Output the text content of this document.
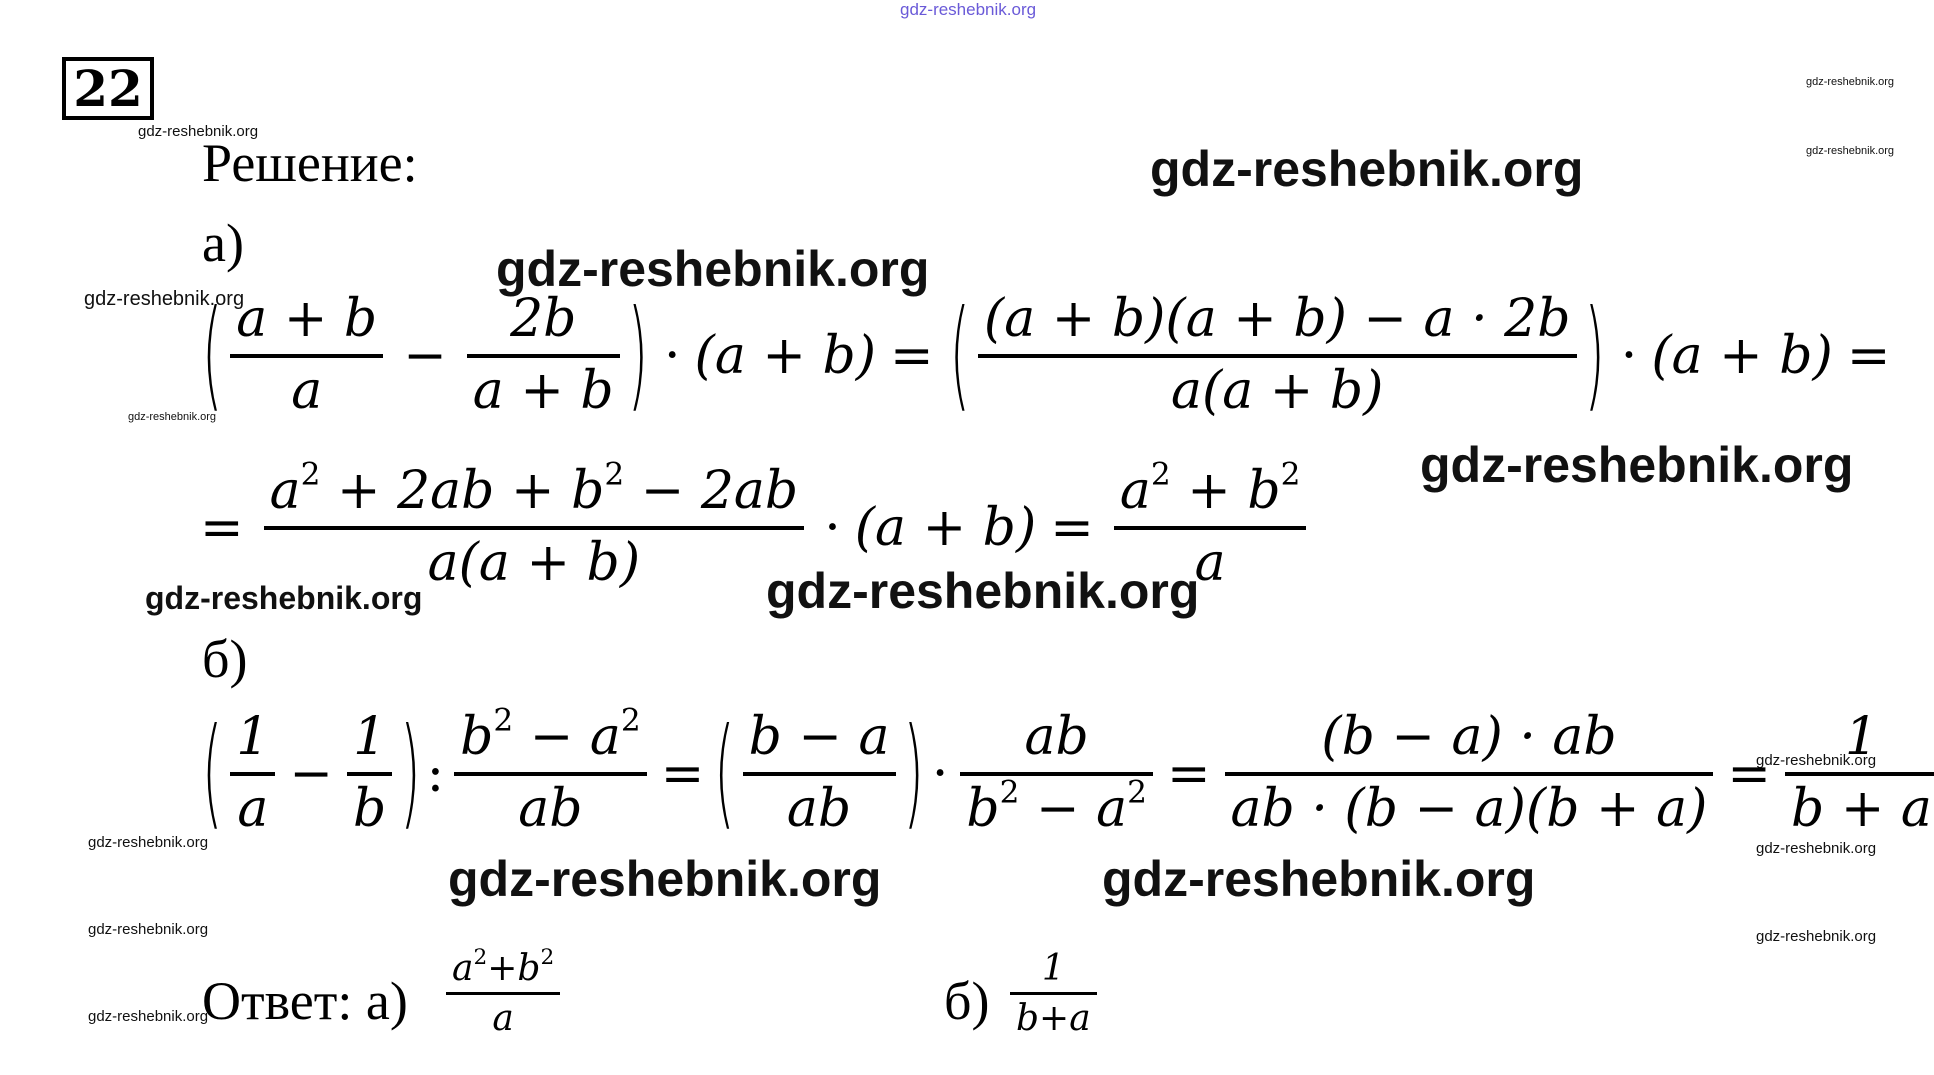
gdz-reshebnik.org
gdz-reshebnik.org
gdz-reshebnik.org
gdz-reshebnik.org
gdz-reshebnik.org
gdz-reshebnik.org
gdz-reshebnik.org
gdz-reshebnik.org
gdz-reshebnik.org
gdz-reshebnik.org	gdz-reshebnik.org
gdz-reshebnik.org
gdz-reshebnik.org	gdz-reshebnik.org
gdz-reshebnik.org	gdz-reshebnik.org
gdz-reshebnik.org	gdz-reshebnik.org
gdz-reshebnik.org
22
Решение:
а)
( $\frac{a + b}{a} - \frac{2b}{a + b}$ ) · (a + b) = ( $\frac{(a + b)(a + b) - a \cdot 2b}{a(a + b)}$ ) · (a + b) =
= $\frac{a^2 + 2ab + b^2 - 2ab}{a(a + b)} \cdot (a + b) = \frac{a^2 + b^2}{a}$
б)
( $\frac{1}{a} - \frac{1}{b}$ ) : $\frac{b^2 - a^2}{ab}$ = ( $\frac{b - a}{ab}$ ) · $\frac{ab}{b^2 - a^2} = \frac{(b - a) \cdot ab}{ab \cdot (b - a)(b + a)} = \frac{1}{b + a}$
Ответ: $а) \frac{a^2+b^2}{a}$	$б) \frac{1}{b+a}$
